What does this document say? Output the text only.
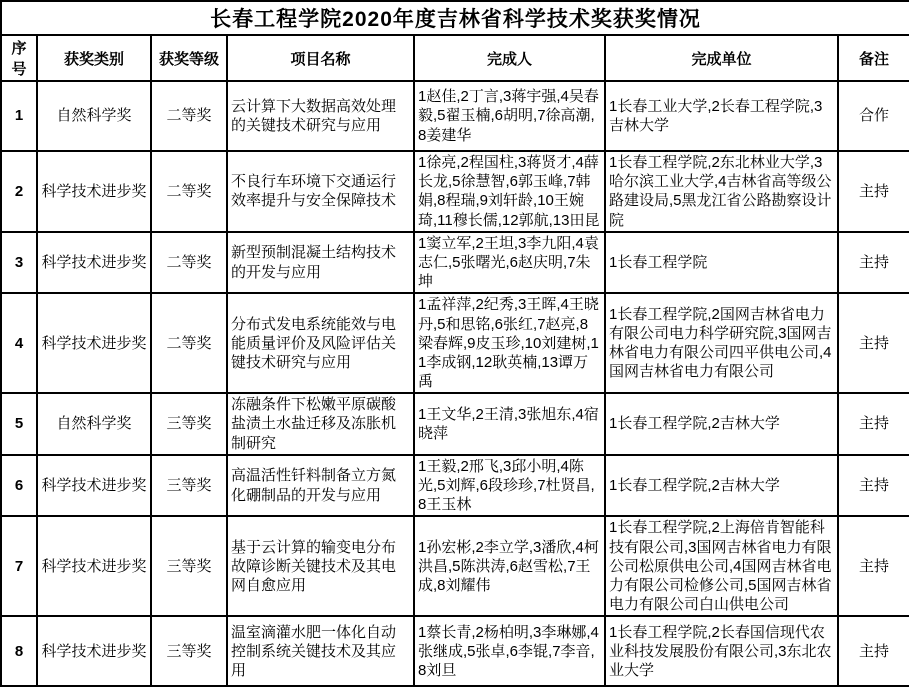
长春工程学院2020年度吉林省科学技术奖获奖情况						
序号	获奖类别	获奖等级	项目名称	完成人	完成单位	备注
1	自然科学奖	二等奖	云计算下大数据高效处理的关键技术研究与应用	1赵佳,2丁言,3蒋宇强,4吴春毅,5翟玉楠,6胡明,7徐高潮,8姜建华	1长春工业大学,2长春工程学院,3吉林大学	合作
2	科学技术进步奖	二等奖	不良行车环境下交通运行效率提升与安全保障技术	1徐亮,2程国柱,3蒋贤才,4薛长龙,5徐慧智,6郭玉峰,7韩娟,8程瑞,9刘轩龄,10王婉琦,11穆长儒,12郭航,13田昆	1长春工程学院,2东北林业大学,3哈尔滨工业大学,4吉林省高等级公路建设局,5黑龙江省公路勘察设计院	主持
3	科学技术进步奖	二等奖	新型预制混凝土结构技术的开发与应用	1窦立军,2王坦,3李九阳,4袁志仁,5张曙光,6赵庆明,7朱坤	1长春工程学院	主持
4	科学技术进步奖	二等奖	分布式发电系统能效与电能质量评价及风险评估关键技术研究与应用	1孟祥萍,2纪秀,3王晖,4王晓丹,5和思铭,6张红,7赵亮,8梁春辉,9皮玉珍,10刘建树,11李成钢,12耿英楠,13谭万禹	1长春工程学院,2国网吉林省电力有限公司电力科学研究院,3国网吉林省电力有限公司四平供电公司,4国网吉林省电力有限公司	主持
5	自然科学奖	三等奖	冻融条件下松嫩平原碳酸盐渍土水盐迁移及冻胀机制研究	1王文华,2王清,3张旭东,4宿晓萍	1长春工程学院,2吉林大学	主持
6	科学技术进步奖	三等奖	高温活性钎料制备立方氮化硼制品的开发与应用	1王毅,2邢飞,3邱小明,4陈光,5刘辉,6段珍珍,7杜贤昌,8王玉林	1长春工程学院,2吉林大学	主持
7	科学技术进步奖	三等奖	基于云计算的输变电分布故障诊断关键技术及其电网自愈应用	1孙宏彬,2李立学,3潘欣,4柯洪昌,5陈洪涛,6赵雪松,7王成,8刘耀伟	1长春工程学院,2上海倍肯智能科技有限公司,3国网吉林省电力有限公司松原供电公司,4国网吉林省电力有限公司检修公司,5国网吉林省电力有限公司白山供电公司	主持
8	科学技术进步奖	三等奖	温室滴灌水肥一体化自动控制系统关键技术及其应用	1蔡长青,2杨柏明,3李琳娜,4张继成,5张卓,6李锟,7李音,8刘旦	1长春工程学院,2长春国信现代农业科技发展股份有限公司,3东北农业大学	主持
